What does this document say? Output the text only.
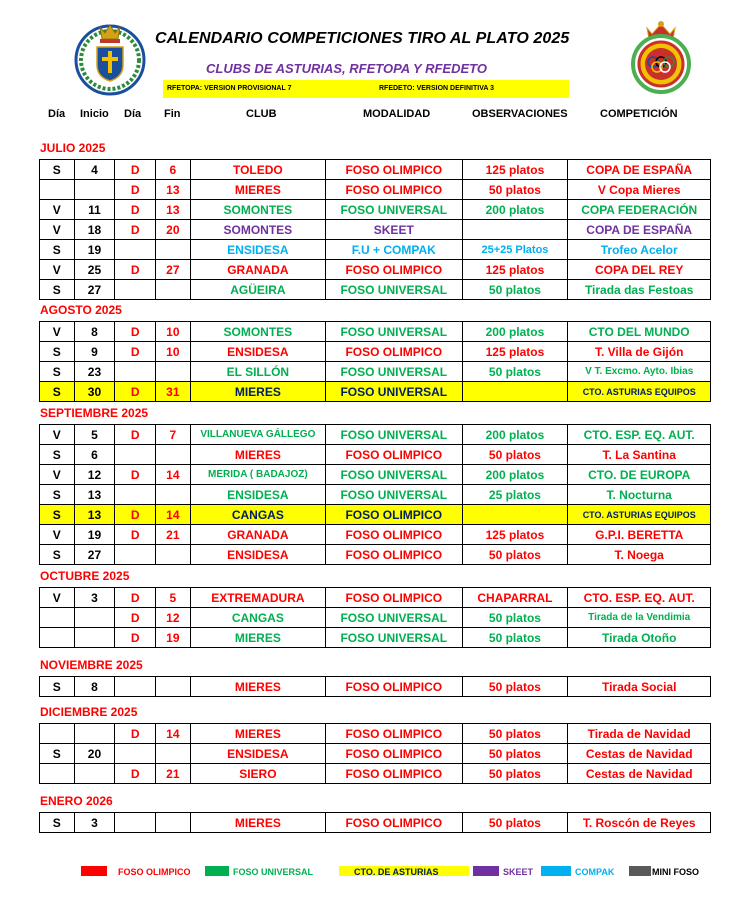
CALENDARIO COMPETICIONES TIRO AL PLATO 2025
CLUBS DE ASTURIAS, RFETOPA Y RFEDETO
RFETOPA: VERSION PROVISIONAL 7	RFEDETO: VERSION DEFINITIVA 3
Día Inicio Día Fin	CLUB	MODALIDAD	OBSERVACIONES	COMPETICIÓN
JULIO 2025
S	4	D	6	TOLEDO	FOSO OLIMPICO	125 platos	COPA DE ESPAÑA
		D	13	MIERES	FOSO OLIMPICO	50 platos	V Copa Mieres
V	11	D	13	SOMONTES	FOSO UNIVERSAL	200 platos	COPA FEDERACIÓN
V	18	D	20	SOMONTES	SKEET		COPA DE ESPAÑA
S	19			ENSIDESA	F.U + COMPAK	25+25 Platos	Trofeo Acelor
V	25	D	27	GRANADA	FOSO OLIMPICO	125 platos	COPA DEL REY
S	27			AGÜEIRA	FOSO UNIVERSAL	50 platos	Tirada das Festoas
AGOSTO 2025
V	8	D	10	SOMONTES	FOSO UNIVERSAL	200 platos	CTO DEL MUNDO
S	9	D	10	ENSIDESA	FOSO OLIMPICO	125 platos	T. Villa de Gijón
S	23			EL SILLÓN	FOSO UNIVERSAL	50 platos	V T. Excmo. Ayto. Ibias
S	30	D	31	MIERES	FOSO UNIVERSAL		CTO. ASTURIAS EQUIPOS
SEPTIEMBRE 2025
V	5	D	7	VILLANUEVA GÁLLEGO	FOSO UNIVERSAL	200 platos	CTO. ESP. EQ. AUT.
S	6			MIERES	FOSO OLIMPICO	50 platos	T. La Santina
V	12	D	14	MERIDA ( BADAJOZ)	FOSO UNIVERSAL	200 platos	CTO. DE EUROPA
S	13			ENSIDESA	FOSO UNIVERSAL	25 platos	T. Nocturna
S	13	D	14	CANGAS	FOSO OLIMPICO		CTO. ASTURIAS EQUIPOS
V	19	D	21	GRANADA	FOSO OLIMPICO	125 platos	G.P.I. BERETTA
S	27			ENSIDESA	FOSO OLIMPICO	50 platos	T. Noega
OCTUBRE 2025
V	3	D	5	EXTREMADURA	FOSO OLIMPICO	CHAPARRAL	CTO. ESP. EQ. AUT.
		D	12	CANGAS	FOSO UNIVERSAL	50 platos	Tirada de la Vendimia
		D	19	MIERES	FOSO UNIVERSAL	50 platos	Tirada Otoño
NOVIEMBRE 2025
S	8			MIERES	FOSO OLIMPICO	50 platos	Tirada Social
DICIEMBRE 2025
		D	14	MIERES	FOSO OLIMPICO	50 platos	Tirada de Navidad
S	20			ENSIDESA	FOSO OLIMPICO	50 platos	Cestas de Navidad
		D	21	SIERO	FOSO OLIMPICO	50 platos	Cestas de Navidad
ENERO 2026
S	3			MIERES	FOSO OLIMPICO	50 platos	T. Roscón de Reyes
FOSO OLIMPICO	FOSO UNIVERSAL	CTO. DE ASTURIAS	SKEET	COMPAK	MINI FOSO
